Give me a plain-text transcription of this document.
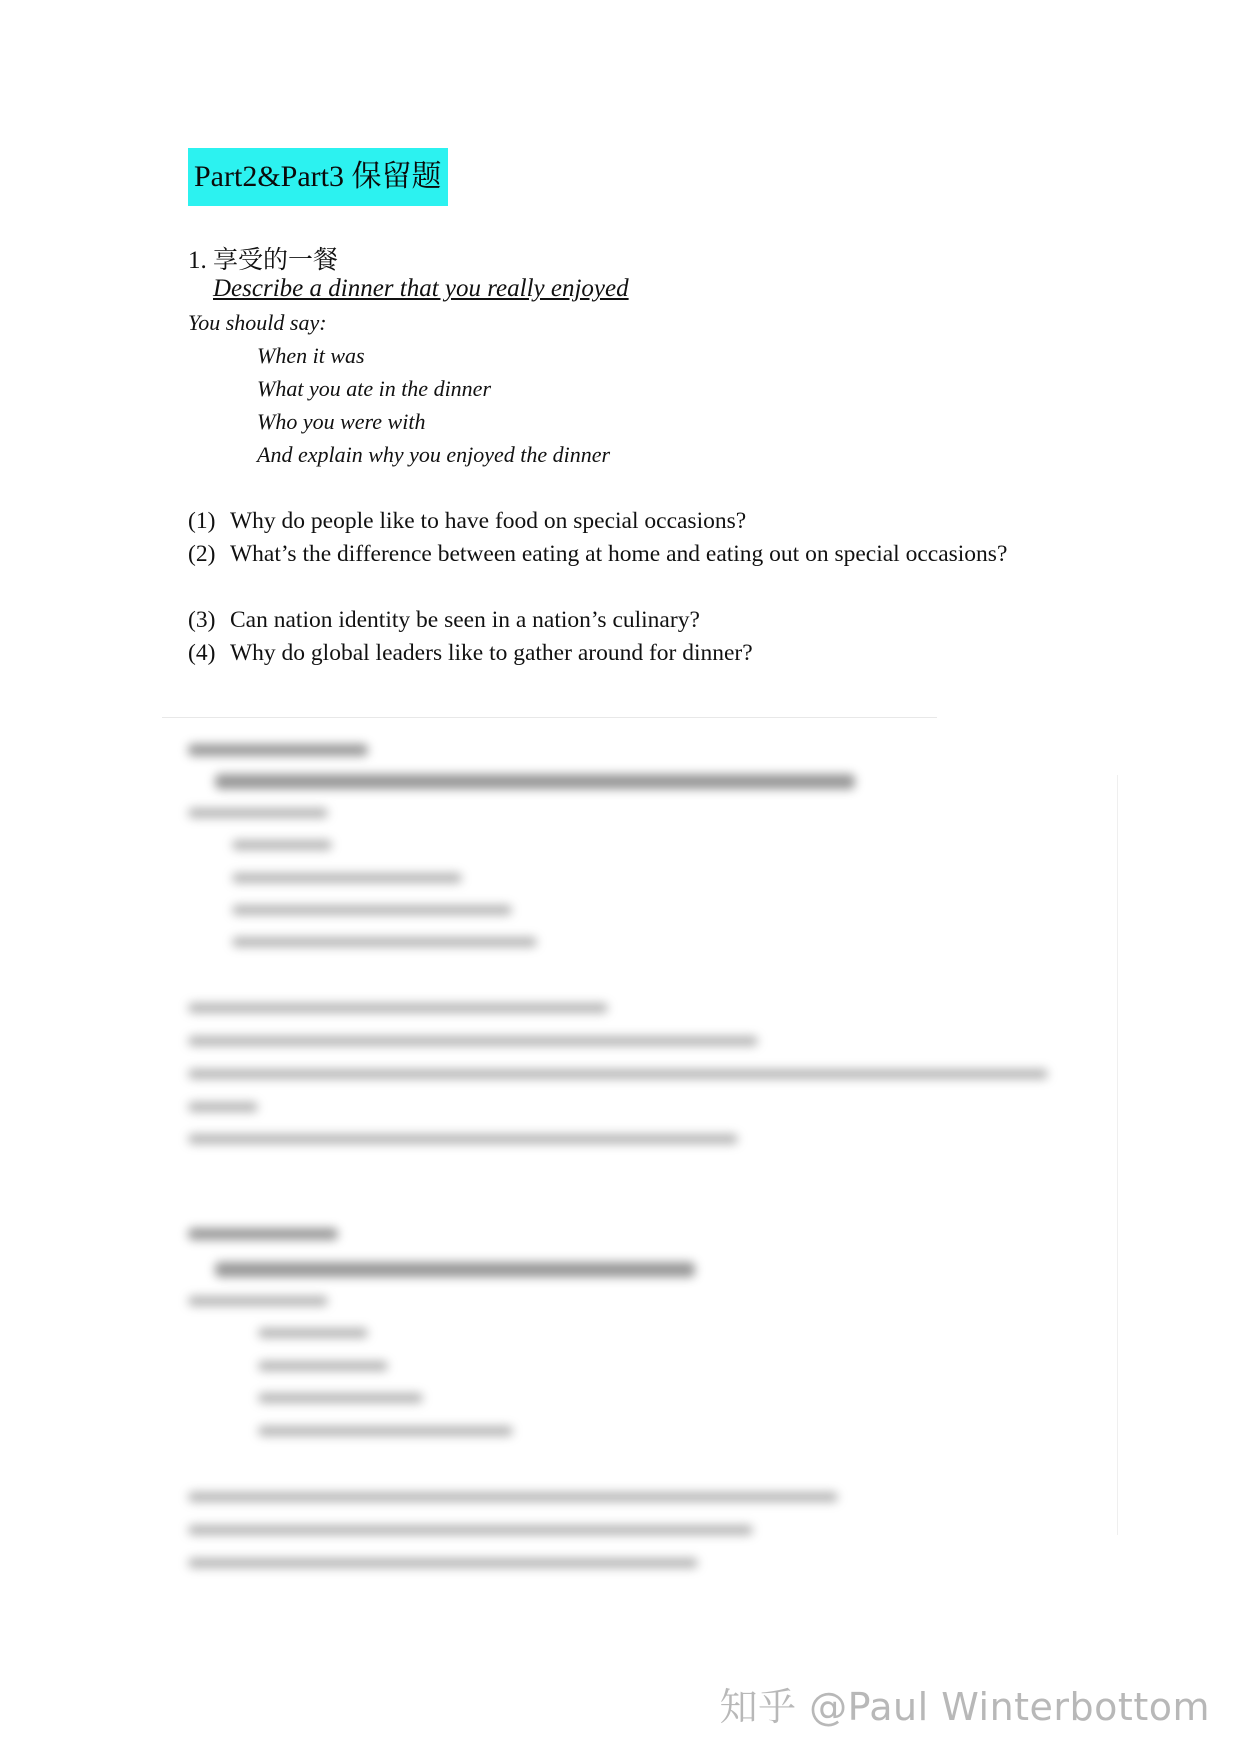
Part2&Part3 保留题
1. 享受的一餐
Describe a dinner that you really enjoyed
You should say:
When it was
What you ate in the dinner
Who you were with
And explain why you enjoyed the dinner
(1) Why do people like to have food on special occasions?
(2) What’s the difference between eating at home and eating out on special occasions?
(3) Can nation identity be seen in a nation’s culinary?
(4) Why do global leaders like to gather around for dinner?
知乎 @Paul Winterbottom
